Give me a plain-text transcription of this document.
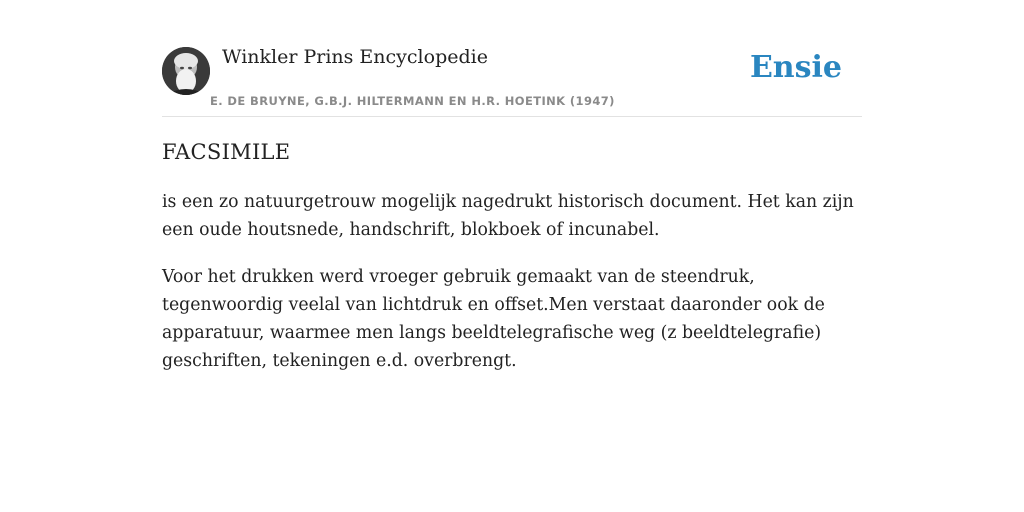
Winkler Prins Encyclopedie
E. DE BRUYNE, G.B.J. HILTERMANN EN H.R. HOETINK (1947)
Ensie
FACSIMILE

is een zo natuurgetrouw mogelijk nagedrukt historisch document. Het kan zijn een oude houtsnede, handschrift, blokboek of incunabel.

Voor het drukken werd vroeger gebruik gemaakt van de steendruk, tegenwoordig veelal van lichtdruk en offset.Men verstaat daaronder ook de apparatuur, waarmee men langs beeldtelegrafische weg (z beeldtelegrafie) geschriften, tekeningen e.d. overbrengt.
